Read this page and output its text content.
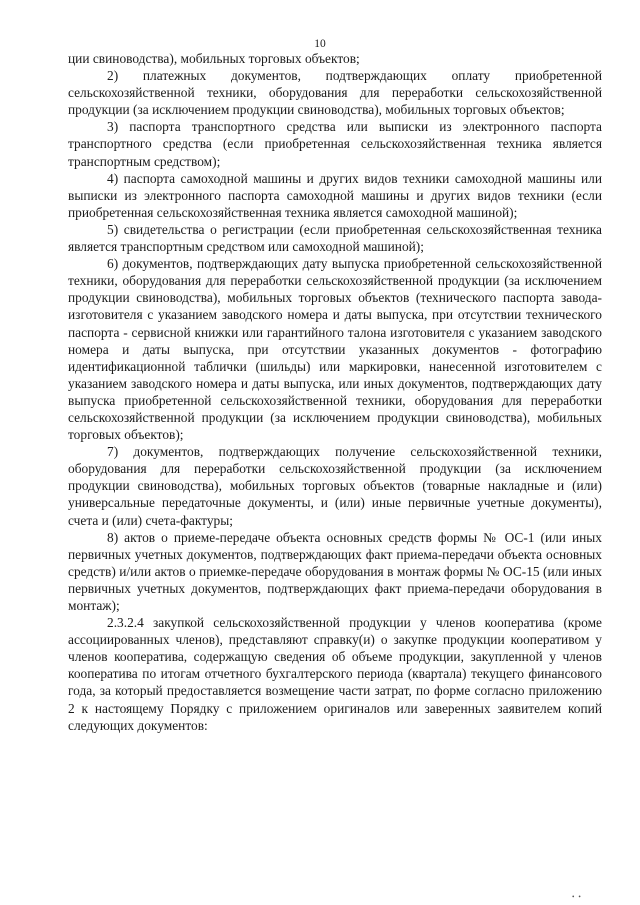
10

ции свиноводства), мобильных торговых объектов;

2) платежных документов, подтверждающих оплату приобретенной сельскохозяйственной техники, оборудования для переработки сельскохозяйственной продукции (за исключением продукции свиноводства), мобильных торговых объектов;

3) паспорта транспортного средства или выписки из электронного паспорта транспортного средства (если приобретенная сельскохозяйственная техника является транспортным средством);

4) паспорта самоходной машины и других видов техники самоходной машины или выписки из электронного паспорта самоходной машины и других видов техники (если приобретенная сельскохозяйственная техника является самоходной машиной);

5) свидетельства о регистрации (если приобретенная сельскохозяйственная техника является транспортным средством или самоходной машиной);

6) документов, подтверждающих дату выпуска приобретенной сельскохозяйственной техники, оборудования для переработки сельскохозяйственной продукции (за исключением продукции свиноводства), мобильных торговых объектов (технического паспорта завода-изготовителя с указанием заводского номера и даты выпуска, при отсутствии технического паспорта - сервисной книжки или гарантийного талона изготовителя с указанием заводского номера и даты выпуска, при отсутствии указанных документов - фотографию идентификационной таблички (шильды) или маркировки, нанесенной изготовителем с указанием заводского номера и даты выпуска, или иных документов, подтверждающих дату выпуска приобретенной сельскохозяйственной техники, оборудования для переработки сельскохозяйственной продукции (за исключением продукции свиноводства), мобильных торговых объектов);

7) документов, подтверждающих получение сельскохозяйственной техники, оборудования для переработки сельскохозяйственной продукции (за исключением продукции свиноводства), мобильных торговых объектов (товарные накладные и (или) универсальные передаточные документы, и (или) иные первичные учетные документы), счета и (или) счета-фактуры;

8) актов о приеме-передаче объекта основных средств формы № ОС-1 (или иных первичных учетных документов, подтверждающих факт приема-передачи объекта основных средств) и/или актов о приемке-передаче оборудования в монтаж формы № ОС-15 (или иных первичных учетных документов, подтверждающих факт приема-передачи оборудования в монтаж);

2.3.2.4 закупкой сельскохозяйственной продукции у членов кооператива (кроме ассоциированных членов), представляют справку(и) о закупке продукции кооперативом у членов кооператива, содержащую сведения об объеме продукции, закупленной у членов кооператива по итогам отчетного бухгалтерского периода (квартала) текущего финансового года, за который предоставляется возмещение части затрат, по форме согласно приложению 2 к настоящему Порядку с приложением оригиналов или заверенных заявителем копий следующих документов:

•    •
